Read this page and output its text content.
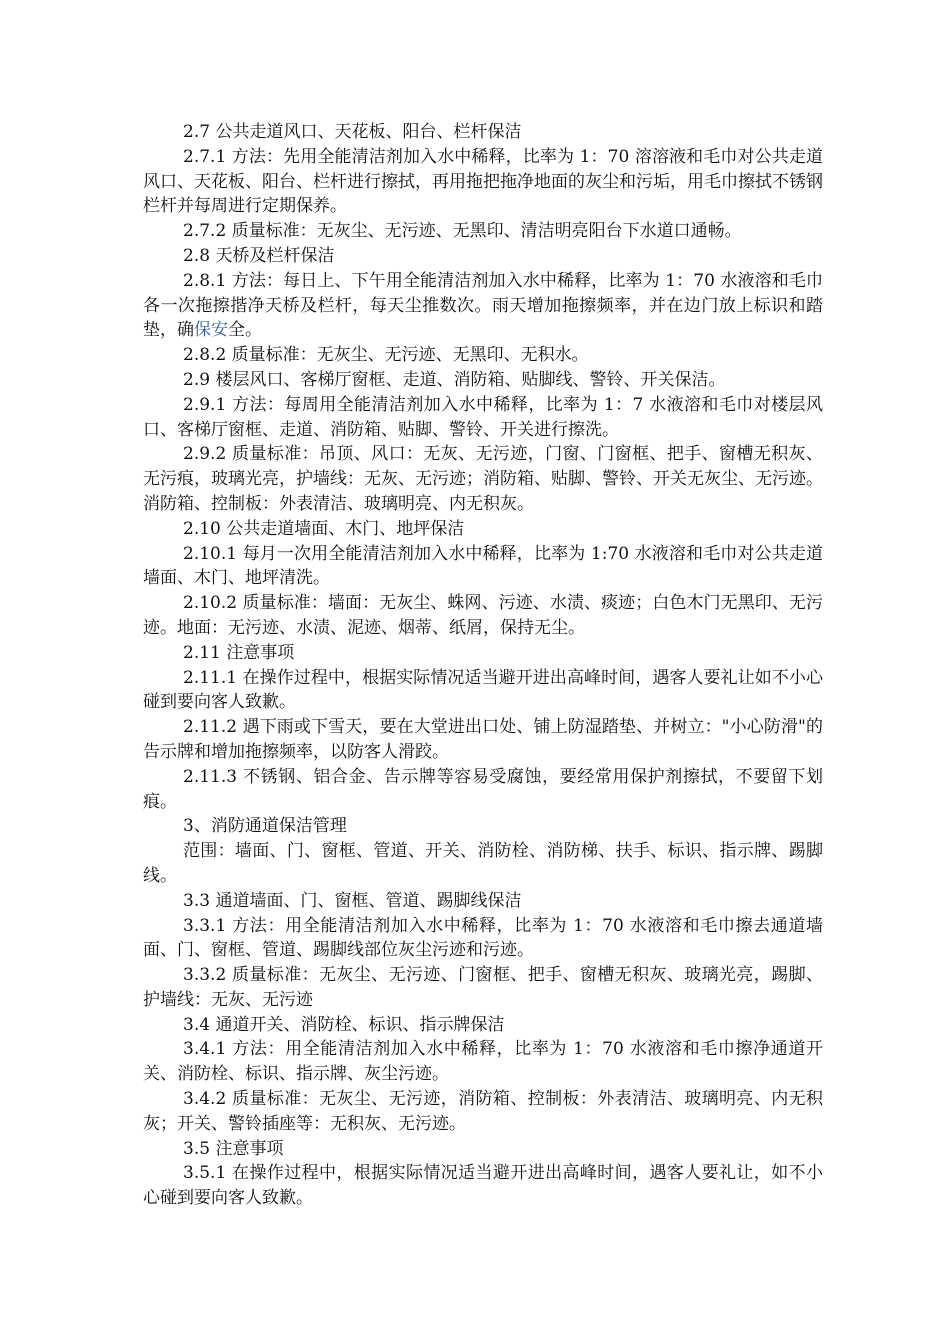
2.7 公共走道风口、天花板、阳台、栏杆保洁

2.7.1 方法：先用全能清洁剂加入水中稀释，比率为 1：70 溶溶液和毛巾对公共走道风口、天花板、阳台、栏杆进行擦拭，再用拖把拖净地面的灰尘和污垢，用毛巾擦拭不锈钢栏杆并每周进行定期保养。

2.7.2 质量标准：无灰尘、无污迹、无黑印、清洁明亮阳台下水道口通畅。

2.8 天桥及栏杆保洁

2.8.1 方法：每日上、下午用全能清洁剂加入水中稀释，比率为 1：70 水液溶和毛巾各一次拖擦揩净天桥及栏杆，每天尘推数次。雨天增加拖擦频率，并在边门放上标识和踏垫，确保安全。

2.8.2 质量标准：无灰尘、无污迹、无黑印、无积水。

2.9 楼层风口、客梯厅窗框、走道、消防箱、贴脚线、警铃、开关保洁。

2.9.1 方法：每周用全能清洁剂加入水中稀释，比率为 1：7 水液溶和毛巾对楼层风口、客梯厅窗框、走道、消防箱、贴脚、警铃、开关进行擦洗。

2.9.2 质量标准：吊顶、风口：无灰、无污迹，门窗、门窗框、把手、窗槽无积灰、无污痕，玻璃光亮，护墙线：无灰、无污迹；消防箱、贴脚、警铃、开关无灰尘、无污迹。消防箱、控制板：外表清洁、玻璃明亮、内无积灰。

2.10 公共走道墙面、木门、地坪保洁

2.10.1 每月一次用全能清洁剂加入水中稀释，比率为 1:70 水液溶和毛巾对公共走道墙面、木门、地坪清洗。

2.10.2 质量标准：墙面：无灰尘、蛛网、污迹、水渍、痰迹；白色木门无黑印、无污迹。地面：无污迹、水渍、泥迹、烟蒂、纸屑，保持无尘。

2.11 注意事项

2.11.1 在操作过程中，根据实际情况适当避开进出高峰时间，遇客人要礼让如不小心碰到要向客人致歉。

2.11.2 遇下雨或下雪天，要在大堂进出口处、铺上防湿踏垫、并树立："小心防滑"的告示牌和增加拖擦频率，以防客人滑跤。

2.11.3 不锈钢、铝合金、告示牌等容易受腐蚀，要经常用保护剂擦拭，不要留下划痕。

3、消防通道保洁管理

范围：墙面、门、窗框、管道、开关、消防栓、消防梯、扶手、标识、指示牌、踢脚线。

3.3 通道墙面、门、窗框、管道、踢脚线保洁

3.3.1 方法：用全能清洁剂加入水中稀释，比率为 1：70 水液溶和毛巾擦去通道墙面、门、窗框、管道、踢脚线部位灰尘污迹和污迹。

3.3.2 质量标准：无灰尘、无污迹、门窗框、把手、窗槽无积灰、玻璃光亮，踢脚、护墙线：无灰、无污迹

3.4 通道开关、消防栓、标识、指示牌保洁

3.4.1 方法：用全能清洁剂加入水中稀释，比率为 1：70 水液溶和毛巾擦净通道开关、消防栓、标识、指示牌、灰尘污迹。

3.4.2 质量标准：无灰尘、无污迹，消防箱、控制板：外表清洁、玻璃明亮、内无积灰；开关、警铃插座等：无积灰、无污迹。

3.5 注意事项

3.5.1 在操作过程中，根据实际情况适当避开进出高峰时间，遇客人要礼让，如不小心碰到要向客人致歉。
